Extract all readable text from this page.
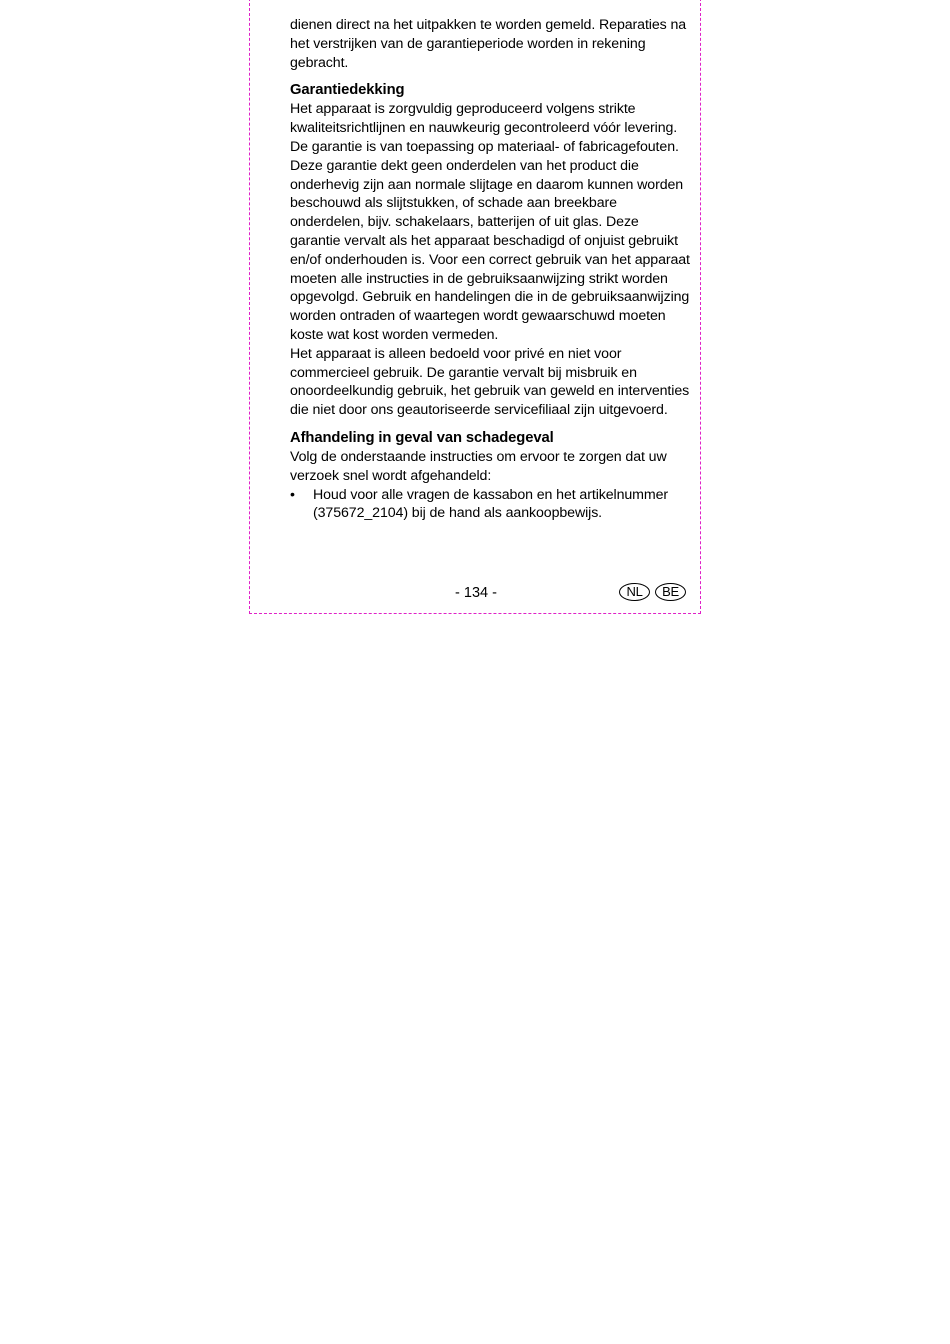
dienen direct na het uitpakken te worden gemeld. Reparaties na het verstrijken van de garantieperiode worden in rekening gebracht.

Garantiedekking

Het apparaat is zorgvuldig geproduceerd volgens strikte kwaliteitsrichtlijnen en nauwkeurig gecontroleerd vóór levering. De garantie is van toepassing op materiaal- of fabricagefouten. Deze garantie dekt geen onderdelen van het product die onderhevig zijn aan normale slijtage en daarom kunnen worden beschouwd als slijtstukken, of schade aan breekbare onderdelen, bijv. schakelaars, batterijen of uit glas. Deze garantie vervalt als het apparaat beschadigd of onjuist gebruikt en/of onderhouden is. Voor een correct gebruik van het apparaat moeten alle instructies in de gebruiksaanwijzing strikt worden opgevolgd. Gebruik en handelingen die in de gebruiksaanwijzing worden ontraden of waartegen wordt gewaarschuwd moeten koste wat kost worden vermeden.

Het apparaat is alleen bedoeld voor privé en niet voor commercieel gebruik. De garantie vervalt bij misbruik en onoordeelkundig gebruik, het gebruik van geweld en interventies die niet door ons geautoriseerde servicefiliaal zijn uitgevoerd.

Afhandeling in geval van schadegeval

Volg de onderstaande instructies om ervoor te zorgen dat uw verzoek snel wordt afgehandeld:

•	Houd voor alle vragen de kassabon en het artikelnummer (375672_2104) bij de hand als aankoopbewijs.
- 134 -	NL	BE
